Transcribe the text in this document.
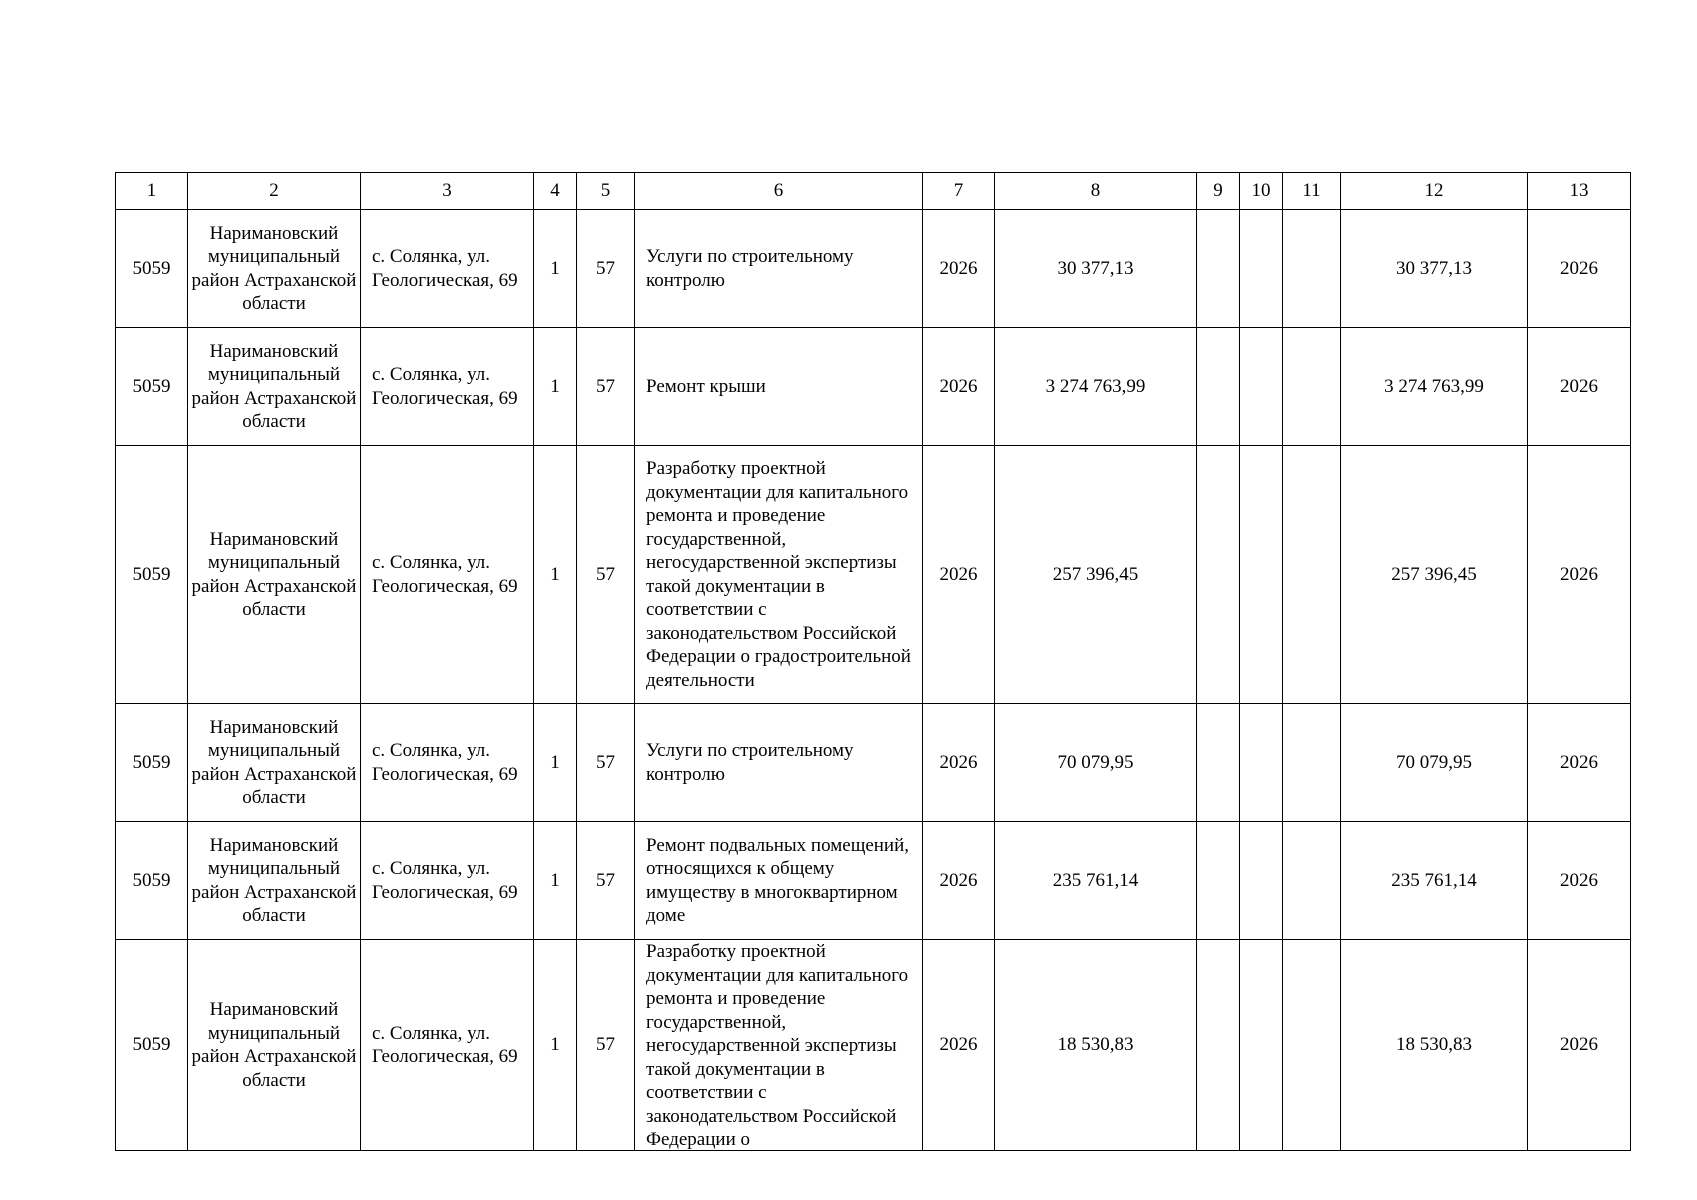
1	2	3	4	5	6	7	8	9	10	11	12	13
5059	Наримановский муниципальный район Астраханской области	с. Солянка, ул. Геологическая, 69	1	57	Услуги по строительному контролю	2026	30 377,13				30 377,13	2026
5059	Наримановский муниципальный район Астраханской области	с. Солянка, ул. Геологическая, 69	1	57	Ремонт крыши	2026	3 274 763,99				3 274 763,99	2026
5059	Наримановский муниципальный район Астраханской области	с. Солянка, ул. Геологическая, 69	1	57	Разработку проектной документации для капитального ремонта и проведение государственной, негосударственной экспертизы такой документации в соответствии с законодательством Российской Федерации о градостроительной деятельности	2026	257 396,45				257 396,45	2026
5059	Наримановский муниципальный район Астраханской области	с. Солянка, ул. Геологическая, 69	1	57	Услуги по строительному контролю	2026	70 079,95				70 079,95	2026
5059	Наримановский муниципальный район Астраханской области	с. Солянка, ул. Геологическая, 69	1	57	Ремонт подвальных помещений, относящихся к общему имуществу в многоквартирном доме	2026	235 761,14				235 761,14	2026
5059	Наримановский муниципальный район Астраханской области	с. Солянка, ул. Геологическая, 69	1	57	Разработку проектной документации для капитального ремонта и проведение государственной, негосударственной экспертизы такой документации в соответствии с законодательством Российской Федерации о	2026	18 530,83				18 530,83	2026
